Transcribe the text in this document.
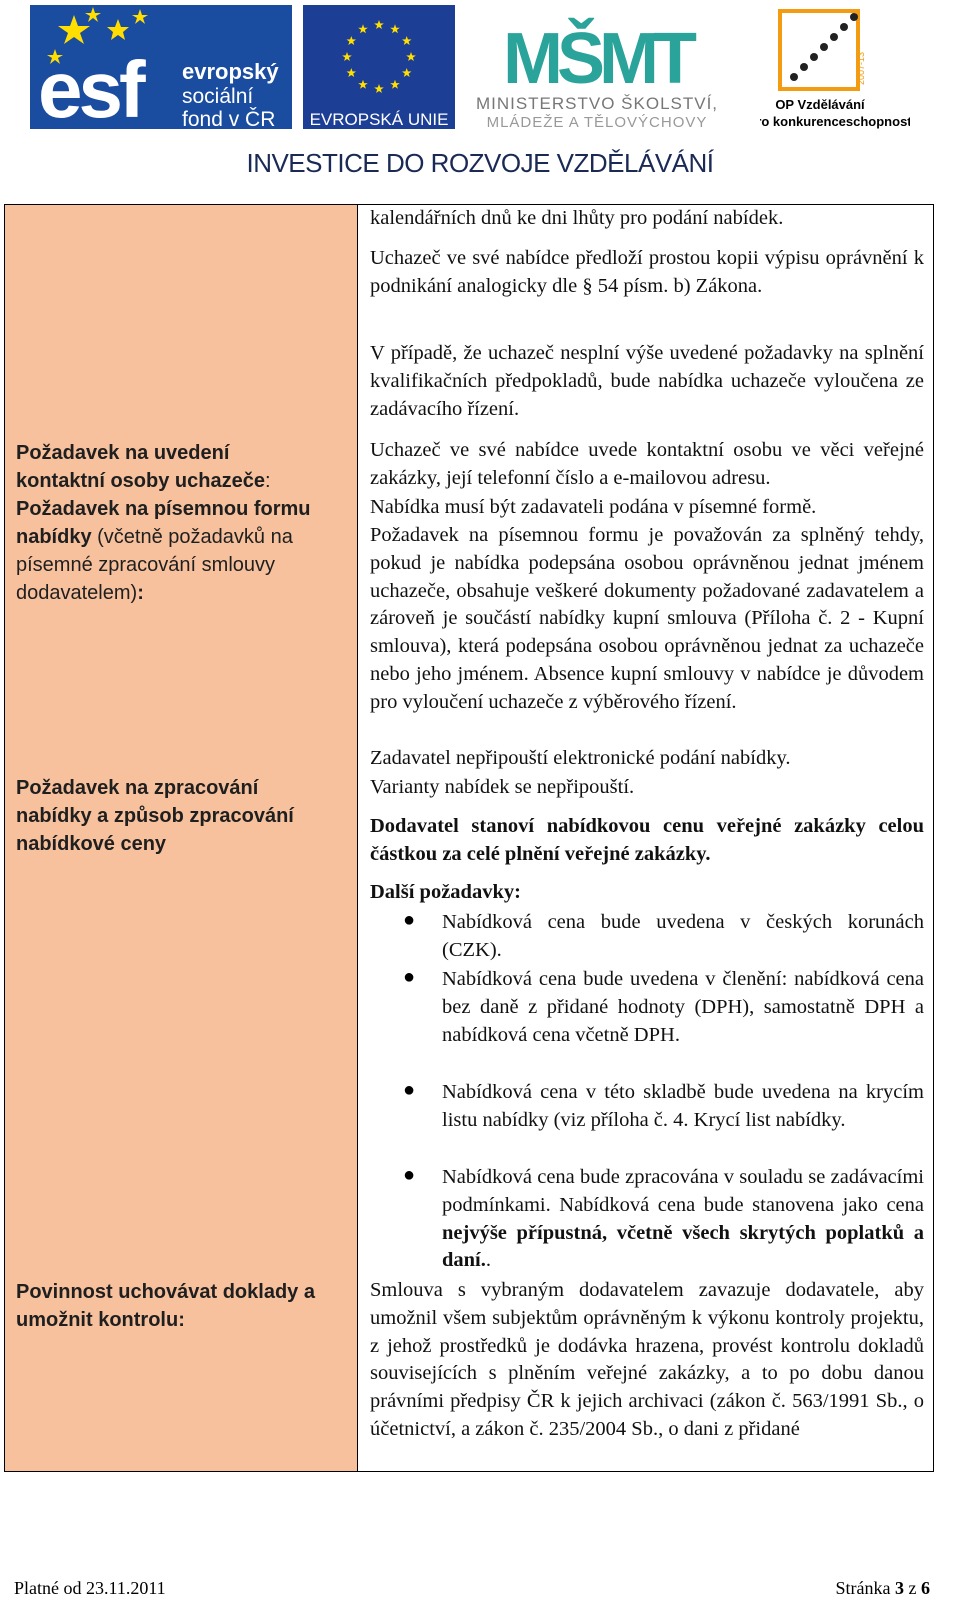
esf evropský
sociální
fond v ČR EVROPSKÁ UNIE
MŠMT
MINISTERSTVO ŠKOLSTVÍ,
MLÁDEŽE A TĚLOVÝCHOVY
2007-13
OP Vzdělávání
pro konkurenceschopnost
INVESTICE DO ROZVOJE VZDĚLÁVÁNÍ
Požadavek na uvedení
kontaktní osoby uchazeče:
Požadavek na písemnou formu
nabídky (včetně požadavků na písemné zpracování smlouvy dodavatelem):
Požadavek na zpracování
nabídky a způsob zpracování nabídkové ceny
Povinnost uchovávat doklady a umožnit kontrolu:
kalendářních dnů ke dni lhůty pro podání nabídek.
Uchazeč ve své nabídce předloží prostou kopii výpisu oprávnění k podnikání analogicky dle § 54 písm. b) Zákona.
V případě, že uchazeč nesplní výše uvedené požadavky na splnění kvalifikačních předpokladů, bude nabídka uchazeče vyloučena ze zadávacího řízení.
Uchazeč ve své nabídce uvede kontaktní osobu ve věci veřejné zakázky, její telefonní číslo a e-mailovou adresu.
Nabídka musí být zadavateli podána v písemné formě.
Požadavek na písemnou formu je považován za splněný tehdy, pokud je nabídka podepsána osobou oprávněnou jednat jménem uchazeče, obsahuje veškeré dokumenty požadované zadavatelem a zároveň je součástí nabídky kupní smlouva (Příloha č. 2 - Kupní smlouva), která podepsána osobou oprávněnou jednat za uchazeče nebo jeho jménem. Absence kupní smlouvy v nabídce je důvodem pro vyloučení uchazeče z výběrového řízení.
Zadavatel nepřipouští elektronické podání nabídky.
Varianty nabídek se nepřipouští.
Dodavatel stanoví nabídkovou cenu veřejné zakázky celou částkou za celé plnění veřejné zakázky.
Další požadavky:
● Nabídková cena bude uvedena v českých korunách (CZK).
● Nabídková cena bude uvedena v členění: nabídková cena bez daně z přidané hodnoty (DPH), samostatně DPH a nabídková cena včetně DPH.
● Nabídková cena v této skladbě bude uvedena na krycím listu nabídky (viz příloha č. 4. Krycí list nabídky.
● Nabídková cena bude zpracována v souladu se zadávacími podmínkami. Nabídková cena bude stanovena jako cena nejvýše přípustná, včetně všech skrytých poplatků a daní..
Smlouva s vybraným dodavatelem zavazuje dodavatele, aby umožnil všem subjektům oprávněným k výkonu kontroly projektu, z jehož prostředků je dodávka hrazena, provést kontrolu dokladů souvisejících s plněním veřejné zakázky, a to po dobu danou právními předpisy ČR k jejich archivaci (zákon č. 563/1991 Sb., o účetnictví, a zákon č. 235/2004 Sb., o dani z přidané
Platné od 23.11.2011	Stránka 3 z 6
